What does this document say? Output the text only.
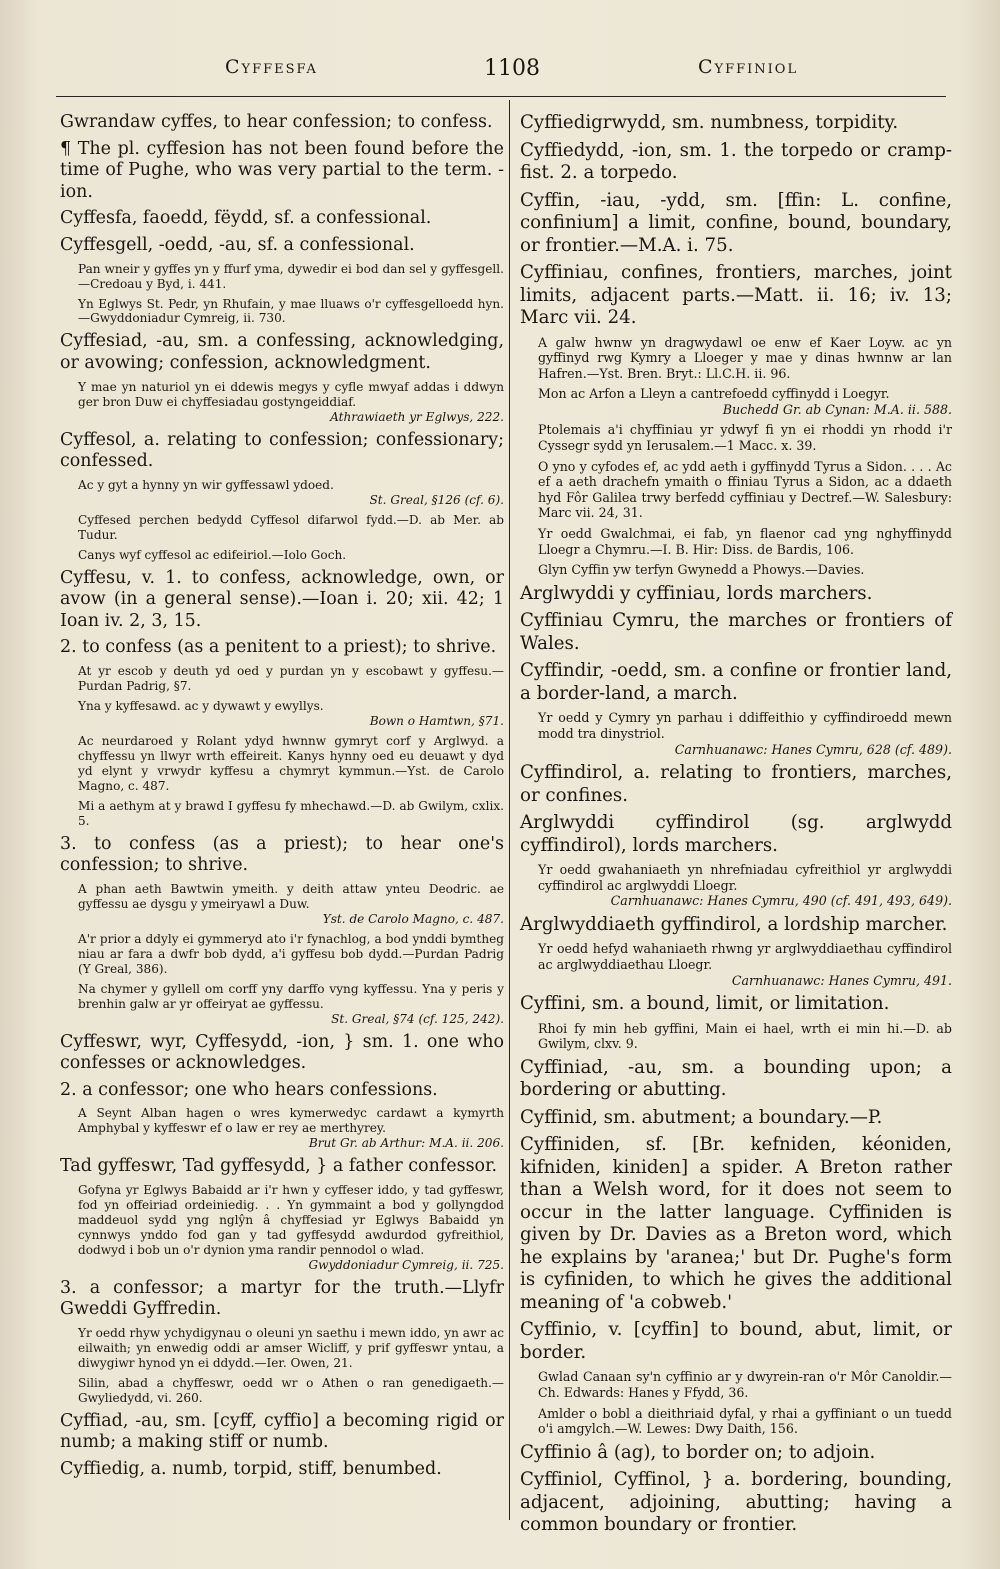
Cyffesfa	1108	Cyffiniol

Gwrandaw cyffes, to hear confession; to confess.

¶ The pl. cyffesion has not been found before the time of Pughe, who was very partial to the term. -ion.

Cyffesfa, faoedd, fëydd, sf. a confessional.

Cyffesgell, -oedd, -au, sf. a confessional.

Pan wneir y gyffes yn y ffurf yma, dywedir ei bod dan sel y gyffesgell.—Credoau y Byd, i. 441.

Yn Eglwys St. Pedr, yn Rhufain, y mae lluaws o'r cyffesgelloedd hyn.—Gwyddoniadur Cymreig, ii. 730.

Cyffesiad, -au, sm. a confessing, acknowledging, or avowing; confession, acknowledgment.

Y mae yn naturiol yn ei ddewis megys y cyfle mwyaf addas i ddwyn ger bron Duw ei chyffesiadau gostyngeiddiaf.
Athrawiaeth yr Eglwys, 222.

Cyffesol, a. relating to confession; confessionary; confessed.

Ac y gyt a hynny yn wir gyffessawl ydoed.
St. Greal, §126 (cf. 6).

Cyffesed perchen bedydd Cyffesol difarwol fydd.—D. ab Mer. ab Tudur.

Canys wyf cyffesol ac edifeiriol.—Iolo Goch.

Cyffesu, v. 1. to confess, acknowledge, own, or avow (in a general sense).—Ioan i. 20; xii. 42; 1 Ioan iv. 2, 3, 15.

2. to confess (as a penitent to a priest); to shrive.

At yr escob y deuth yd oed y purdan yn y escobawt y gyffesu.—Purdan Padrig, §7.

Yna y kyffesawd. ac y dywawt y ewyllys.
Bown o Hamtwn, §71.

Ac neurdaroed y Rolant ydyd hwnnw gymryt corf y Arglwyd. a chyffessu yn llwyr wrth effeireit. Kanys hynny oed eu deuawt y dyd yd elynt y vrwydr kyffesu a chymryt kymmun.—Yst. de Carolo Magno, c. 487.

Mi a aethym at y brawd I gyffesu fy mhechawd.—D. ab Gwilym, cxlix. 5.

3. to confess (as a priest); to hear one's confession; to shrive.

A phan aeth Bawtwin ymeith. y deith attaw ynteu Deodric. ae gyffessu ae dysgu y ymeiryawl a Duw.
Yst. de Carolo Magno, c. 487.

A'r prior a ddyly ei gymmeryd ato i'r fynachlog, a bod ynddi bymtheg niau ar fara a dwfr bob dydd, a'i gyffesu bob dydd.—Purdan Padrig (Y Greal, 386).

Na chymer y gyllell om corff yny darffo vyng kyffessu. Yna y peris y brenhin galw ar yr offeiryat ae gyffessu.
St. Greal, §74 (cf. 125, 242).

Cyffeswr, wyr, Cyffesydd, -ion, } sm. 1. one who confesses or acknowledges.

2. a confessor; one who hears confessions.

A Seynt Alban hagen o wres kymerwedyc cardawt a kymyrth Amphybal y kyffeswr ef o law er rey ae merthyrey.
Brut Gr. ab Arthur: M.A. ii. 206.

Tad gyffeswr, Tad gyffesydd, } a father confessor.

Gofyna yr Eglwys Babaidd ar i'r hwn y cyffeser iddo, y tad gyffeswr, fod yn offeiriad ordeiniedig. . . Yn gymmaint a bod y gollyngdod maddeuol sydd yng nglŷn â chyffesiad yr Eglwys Babaidd yn cynnwys ynddo fod gan y tad gyffesydd awdurdod gyfreithiol, dodwyd i bob un o'r dynion yma randir pennodol o wlad.
Gwyddoniadur Cymreig, ii. 725.

3. a confessor; a martyr for the truth.—Llyfr Gweddi Gyffredin.

Yr oedd rhyw ychydigynau o oleuni yn saethu i mewn iddo, yn awr ac eilwaith; yn enwedig oddi ar amser Wicliff, y prif gyffeswr yntau, a diwygiwr hynod yn ei ddydd.—Ier. Owen, 21.

Silin, abad a chyffeswr, oedd wr o Athen o ran genedigaeth.—Gwyliedydd, vi. 260.

Cyffiad, -au, sm. [cyff, cyffio] a becoming rigid or numb; a making stiff or numb.

Cyffiedig, a. numb, torpid, stiff, benumbed.

Cyffiedigrwydd, sm. numbness, torpidity.

Cyffiedydd, -ion, sm. 1. the torpedo or cramp-fist. 2. a torpedo.

Cyffin, -iau, -ydd, sm. [ffin: L. confine, confinium] a limit, confine, bound, boundary, or frontier.—M.A. i. 75.

Cyffiniau, confines, frontiers, marches, joint limits, adjacent parts.—Matt. ii. 16; iv. 13; Marc vii. 24.

A galw hwnw yn dragwydawl oe enw ef Kaer Loyw. ac yn gyffinyd rwg Kymry a Lloeger y mae y dinas hwnnw ar lan Hafren.—Yst. Bren. Bryt.: Ll.C.H. ii. 96.

Mon ac Arfon a Lleyn a cantrefoedd cyffinydd i Loegyr.
Buchedd Gr. ab Cynan: M.A. ii. 588.

Ptolemais a'i chyffiniau yr ydwyf fi yn ei rhoddi yn rhodd i'r Cyssegr sydd yn Ierusalem.—1 Macc. x. 39.

O yno y cyfodes ef, ac ydd aeth i gyffinydd Tyrus a Sidon. . . . Ac ef a aeth drachefn ymaith o ffiniau Tyrus a Sidon, ac a ddaeth hyd Fôr Galilea trwy berfedd cyffiniau y Dectref.—W. Salesbury: Marc vii. 24, 31.

Yr oedd Gwalchmai, ei fab, yn flaenor cad yng nghyffinydd Lloegr a Chymru.—I. B. Hir: Diss. de Bardis, 106.

Glyn Cyffin yw terfyn Gwynedd a Phowys.—Davies.

Arglwyddi y cyffiniau, lords marchers.

Cyffiniau Cymru, the marches or frontiers of Wales.

Cyffindir, -oedd, sm. a confine or frontier land, a border-land, a march.

Yr oedd y Cymry yn parhau i ddiffeithio y cyffindiroedd mewn modd tra dinystriol.
Carnhuanawc: Hanes Cymru, 628 (cf. 489).

Cyffindirol, a. relating to frontiers, marches, or confines.

Arglwyddi cyffindirol (sg. arglwydd cyffindirol), lords marchers.

Yr oedd gwahaniaeth yn nhrefniadau cyfreithiol yr arglwyddi cyffindirol ac arglwyddi Lloegr.
Carnhuanawc: Hanes Cymru, 490 (cf. 491, 493, 649).

Arglwyddiaeth gyffindirol, a lordship marcher.

Yr oedd hefyd wahaniaeth rhwng yr arglwyddiaethau cyffindirol ac arglwyddiaethau Lloegr.
Carnhuanawc: Hanes Cymru, 491.

Cyffini, sm. a bound, limit, or limitation.

Rhoi fy min heb gyffini, Main ei hael, wrth ei min hi.—D. ab Gwilym, clxv. 9.

Cyffiniad, -au, sm. a bounding upon; a bordering or abutting.

Cyffinid, sm. abutment; a boundary.—P.

Cyffiniden, sf. [Br. kefniden, kéoniden, kifniden, kiniden] a spider. A Breton rather than a Welsh word, for it does not seem to occur in the latter language. Cyffiniden is given by Dr. Davies as a Breton word, which he explains by 'aranea;' but Dr. Pughe's form is cyfiniden, to which he gives the additional meaning of 'a cobweb.'

Cyffinio, v. [cyffin] to bound, abut, limit, or border.

Gwlad Canaan sy'n cyffinio ar y dwyrein-ran o'r Môr Canoldir.—Ch. Edwards: Hanes y Ffydd, 36.

Amlder o bobl a dieithriaid dyfal, y rhai a gyffiniant o un tuedd o'i amgylch.—W. Lewes: Dwy Daith, 156.

Cyffinio â (ag), to border on; to adjoin.

Cyffiniol, Cyffinol, } a. bordering, bounding, adjacent, adjoining, abutting; having a common boundary or frontier.
